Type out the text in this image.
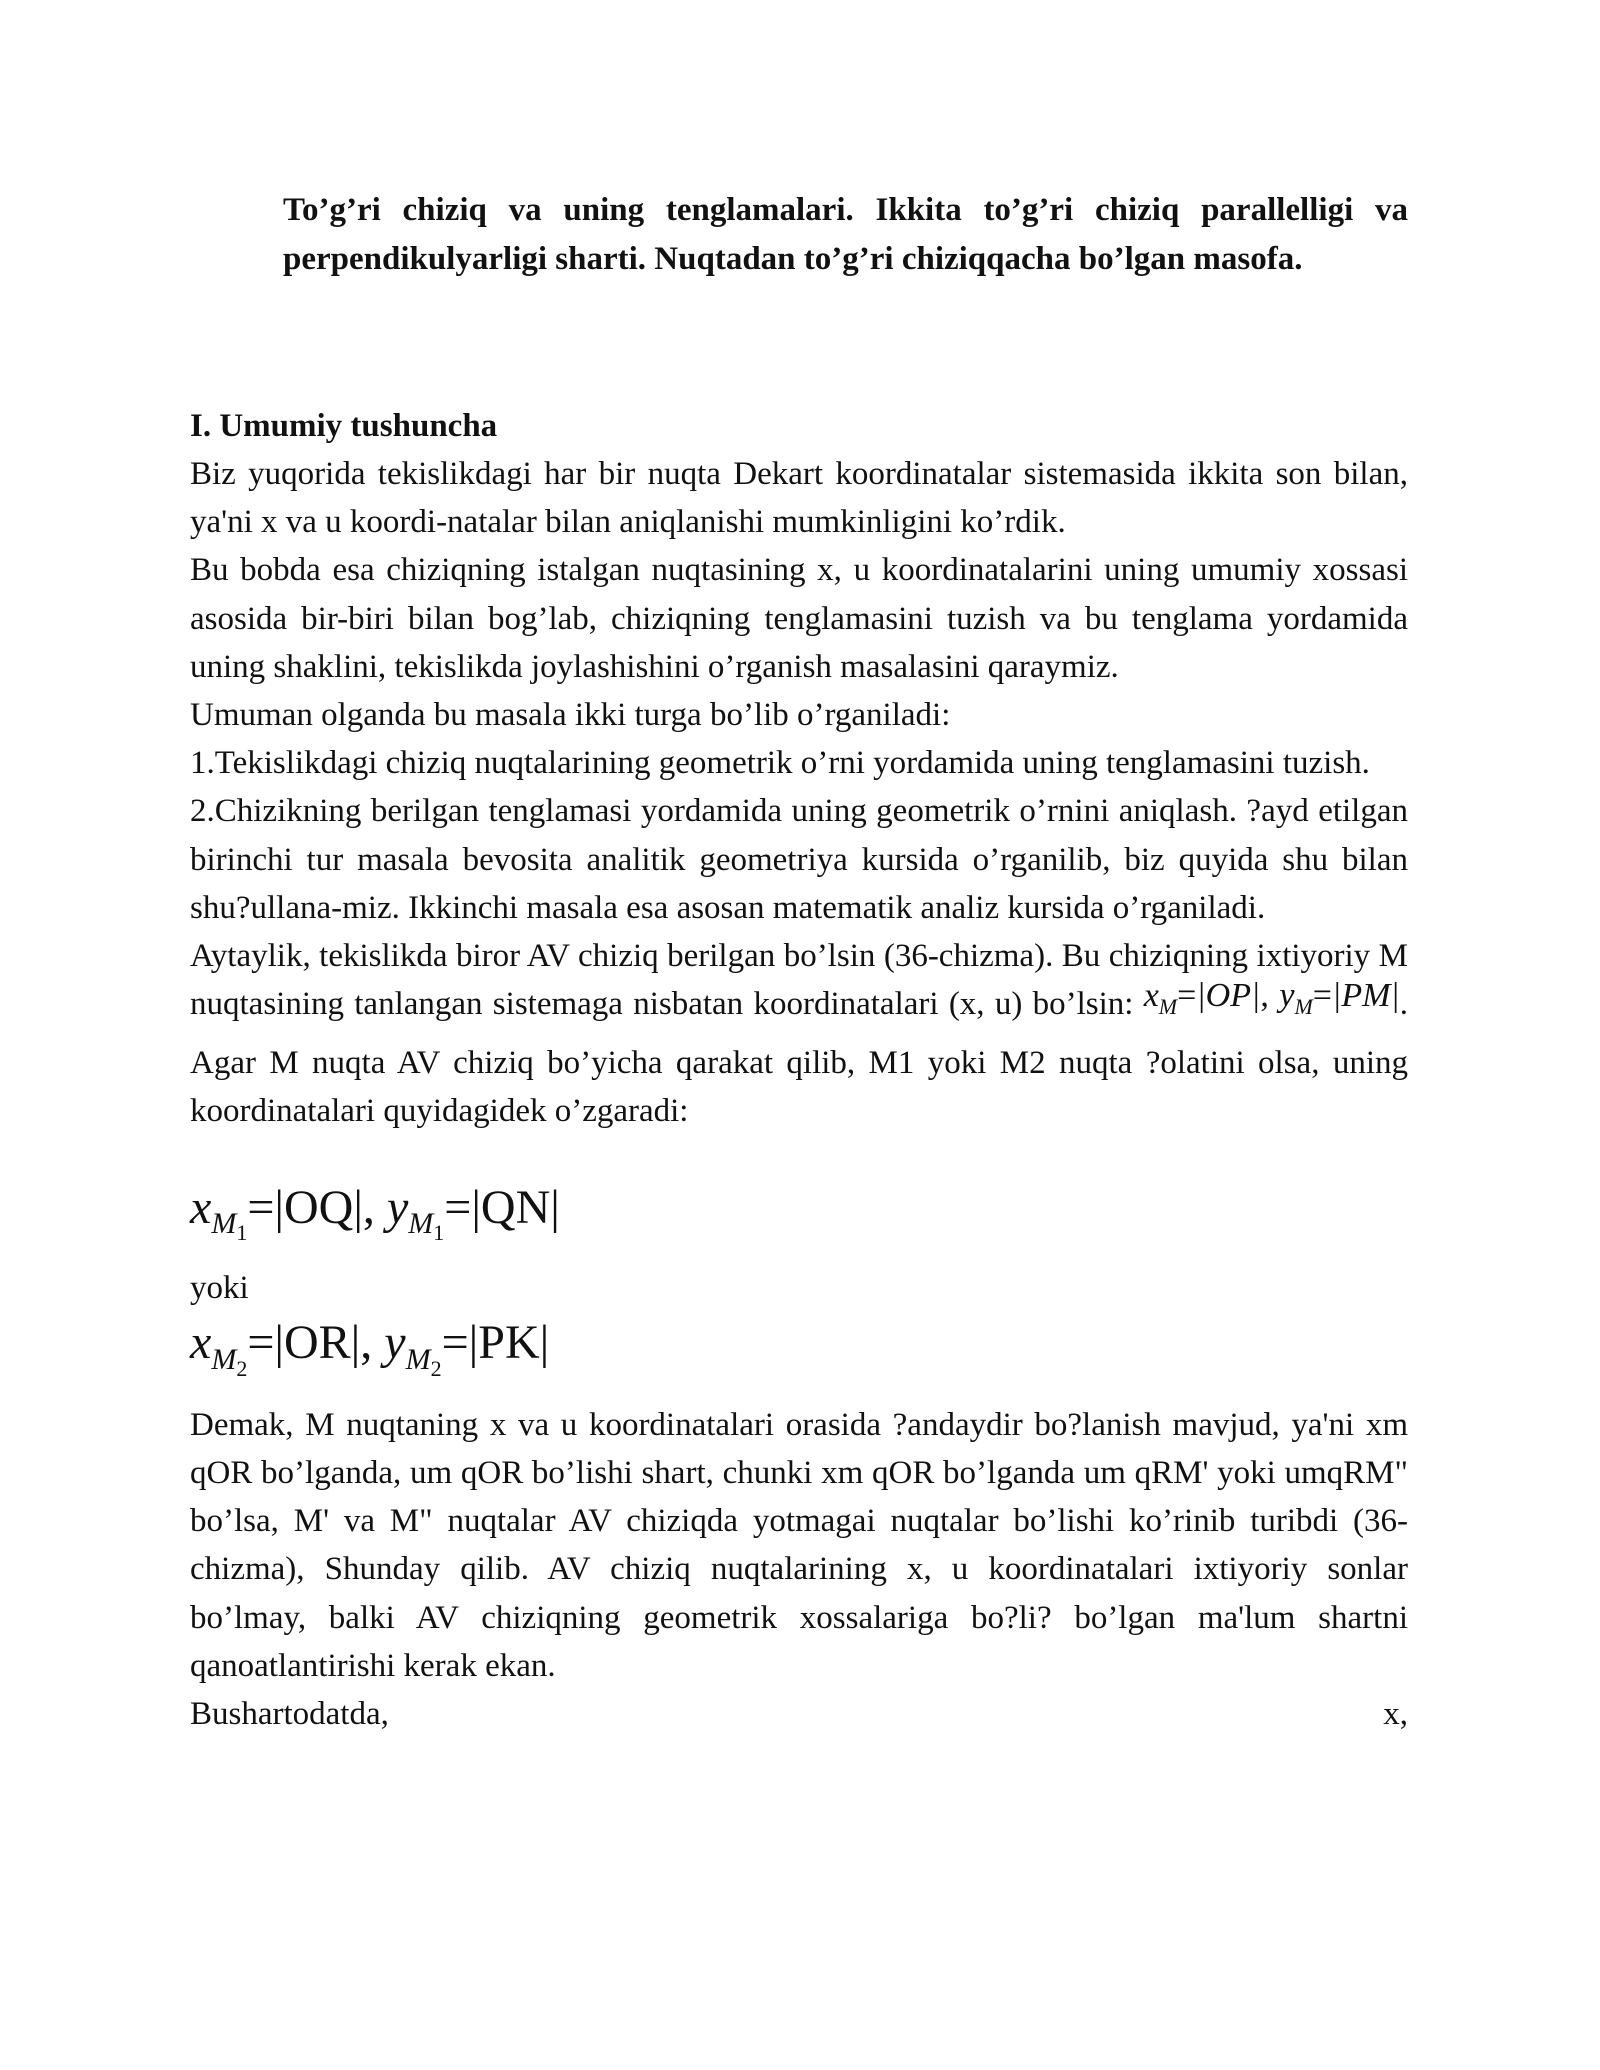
To’g’ri chiziq va uning tenglamalari. Ikkita to’g’ri chiziq parallelligi va perpendikulyarligi sharti. Nuqtadan to’g’ri chiziqqacha bo’lgan masofa.

I. Umumiy tushuncha

Biz yuqorida tekislikdagi har bir nuqta Dekart koordinatalar sistemasida ikkita son bilan, ya'ni x va u koordi-natalar bilan aniqlanishi mumkinligini ko’rdik.

Bu bobda esa chiziqning istalgan nuqtasining x, u koordinatalarini uning umumiy xossasi asosida bir-biri bilan bog’lab, chiziqning tenglamasini tuzish va bu tenglama yordamida uning shaklini, tekislikda joylashishini o’rganish masalasini qaraymiz.

Umuman olganda bu masala ikki turga bo’lib o’rganiladi:

1.Tekislikdagi chiziq nuqtalarining geometrik o’rni yordamida uning tenglamasini tuzish.

2.Chizikning berilgan tenglamasi yordamida uning geometrik o’rnini aniqlash. ?ayd etilgan birinchi tur masala bevosita analitik geometriya kursida o’rganilib, biz quyida shu bilan shu?ullana-miz. Ikkinchi masala esa asosan matematik analiz kursida o’rganiladi.

Aytaylik, tekislikda biror AV chiziq berilgan bo’lsin (36-chizma). Bu chiziqning ixtiyoriy M nuqtasining tanlangan sistemaga nisbatan koordinatalari (x, u) bo’lsin: $x_M=|OP|$, $y_M=|PM|$. Agar M nuqta AV chiziq bo’yicha qarakat qilib, M1 yoki M2 nuqta ?olatini olsa, uning koordinatalari quyidagidek o’zgaradi:

$x_{M_1}=|OQ|$, $y_{M_1}=|QN|$

yoki

$x_{M_2}=|OR|$, $y_{M_2}=|PK|$

Demak, M nuqtaning x va u koordinatalari orasida ?andaydir bo?lanish mavjud, ya'ni xm qOR bo’lganda, um qOR bo’lishi shart, chunki xm qOR bo’lganda um qRM' yoki umqRM" bo’lsa, M' va M" nuqtalar AV chiziqda yotmagai nuqtalar bo’lishi ko’rinib turibdi (36-chizma), Shunday qilib. AV chiziq nuqtalarining x, u koordinatalari ixtiyoriy sonlar bo’lmay, balki AV chiziqning geometrik xossalariga bo?li? bo’lgan ma'lum shartni qanoatlantirishi kerak ekan.

Bushartodatda,	x,
